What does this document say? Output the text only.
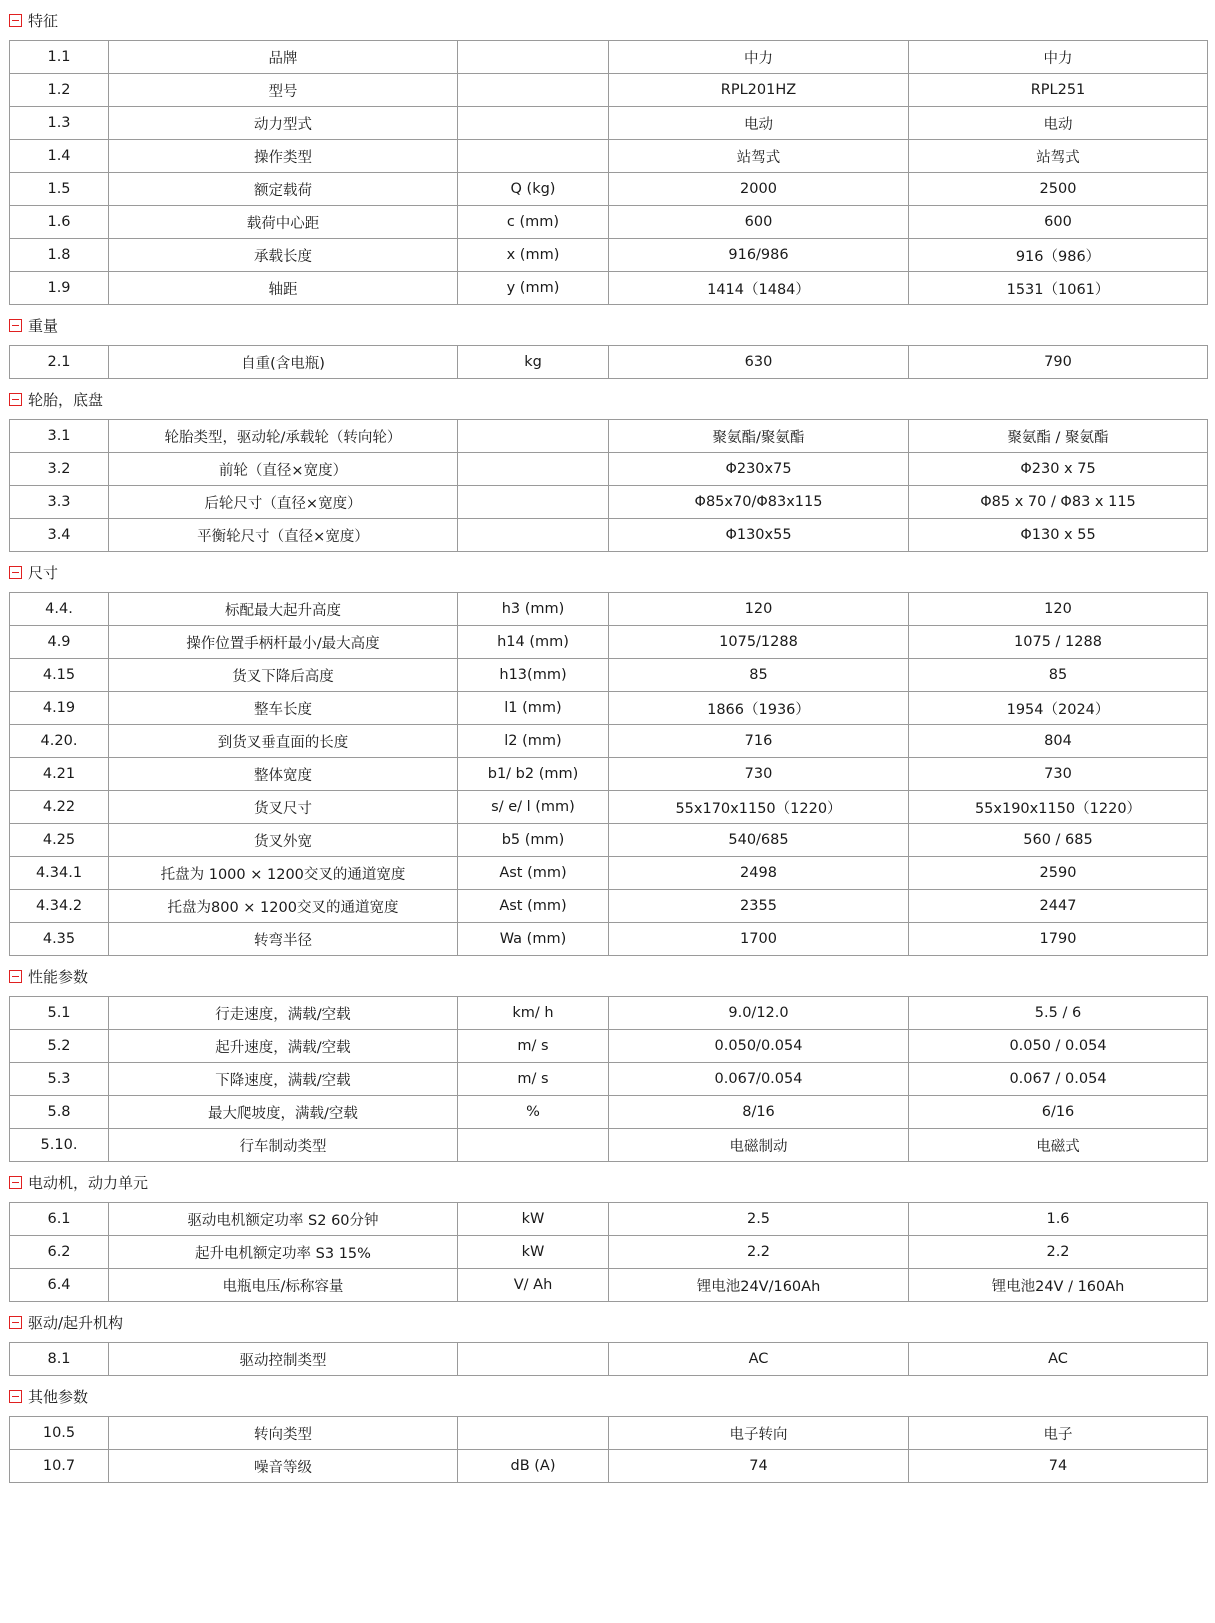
特征
1.1	品牌		中力	中力
1.2	型号		RPL201HZ	RPL251
1.3	动力型式		电动	电动
1.4	操作类型		站驾式	站驾式
1.5	额定载荷	Q (kg)	2000	2500
1.6	载荷中心距	c (mm)	600	600
1.8	承载长度	x (mm)	916/986	916（986）
1.9	轴距	y (mm)	1414（1484）	1531（1061）
重量
2.1	自重(含电瓶)	kg	630	790
轮胎，底盘
3.1	轮胎类型，驱动轮/承载轮（转向轮）		聚氨酯/聚氨酯	聚氨酯 / 聚氨酯
3.2	前轮（直径×宽度）		Φ230x75	Φ230 x 75
3.3	后轮尺寸（直径×宽度）		Φ85x70/Φ83x115	Φ85 x 70 / Φ83 x 115
3.4	平衡轮尺寸（直径×宽度）		Φ130x55	Φ130 x 55
尺寸
4.4.	标配最大起升高度	h3 (mm)	120	120
4.9	操作位置手柄杆最小/最大高度	h14 (mm)	1075/1288	1075 / 1288
4.15	货叉下降后高度	h13(mm)	85	85
4.19	整车长度	l1 (mm)	1866（1936）	1954（2024）
4.20.	到货叉垂直面的长度	l2 (mm)	716	804
4.21	整体宽度	b1/ b2 (mm)	730	730
4.22	货叉尺寸	s/ e/ l (mm)	55x170x1150（1220）	55x190x1150（1220）
4.25	货叉外宽	b5 (mm)	540/685	560 / 685
4.34.1	托盘为 1000 × 1200交叉的通道宽度	Ast (mm)	2498	2590
4.34.2	托盘为800 × 1200交叉的通道宽度	Ast (mm)	2355	2447
4.35	转弯半径	Wa (mm)	1700	1790
性能参数
5.1	行走速度，满载/空载	km/ h	9.0/12.0	5.5 / 6
5.2	起升速度，满载/空载	m/ s	0.050/0.054	0.050 / 0.054
5.3	下降速度，满载/空载	m/ s	0.067/0.054	0.067 / 0.054
5.8	最大爬坡度，满载/空载	%	8/16	6/16
5.10.	行车制动类型		电磁制动	电磁式
电动机，动力单元
6.1	驱动电机额定功率 S2 60分钟	kW	2.5	1.6
6.2	起升电机额定功率 S3 15%	kW	2.2	2.2
6.4	电瓶电压/标称容量	V/ Ah	锂电池24V/160Ah	锂电池24V / 160Ah
驱动/起升机构
8.1	驱动控制类型		AC	AC
其他参数
10.5	转向类型		电子转向	电子
10.7	噪音等级	dB (A)	74	74
